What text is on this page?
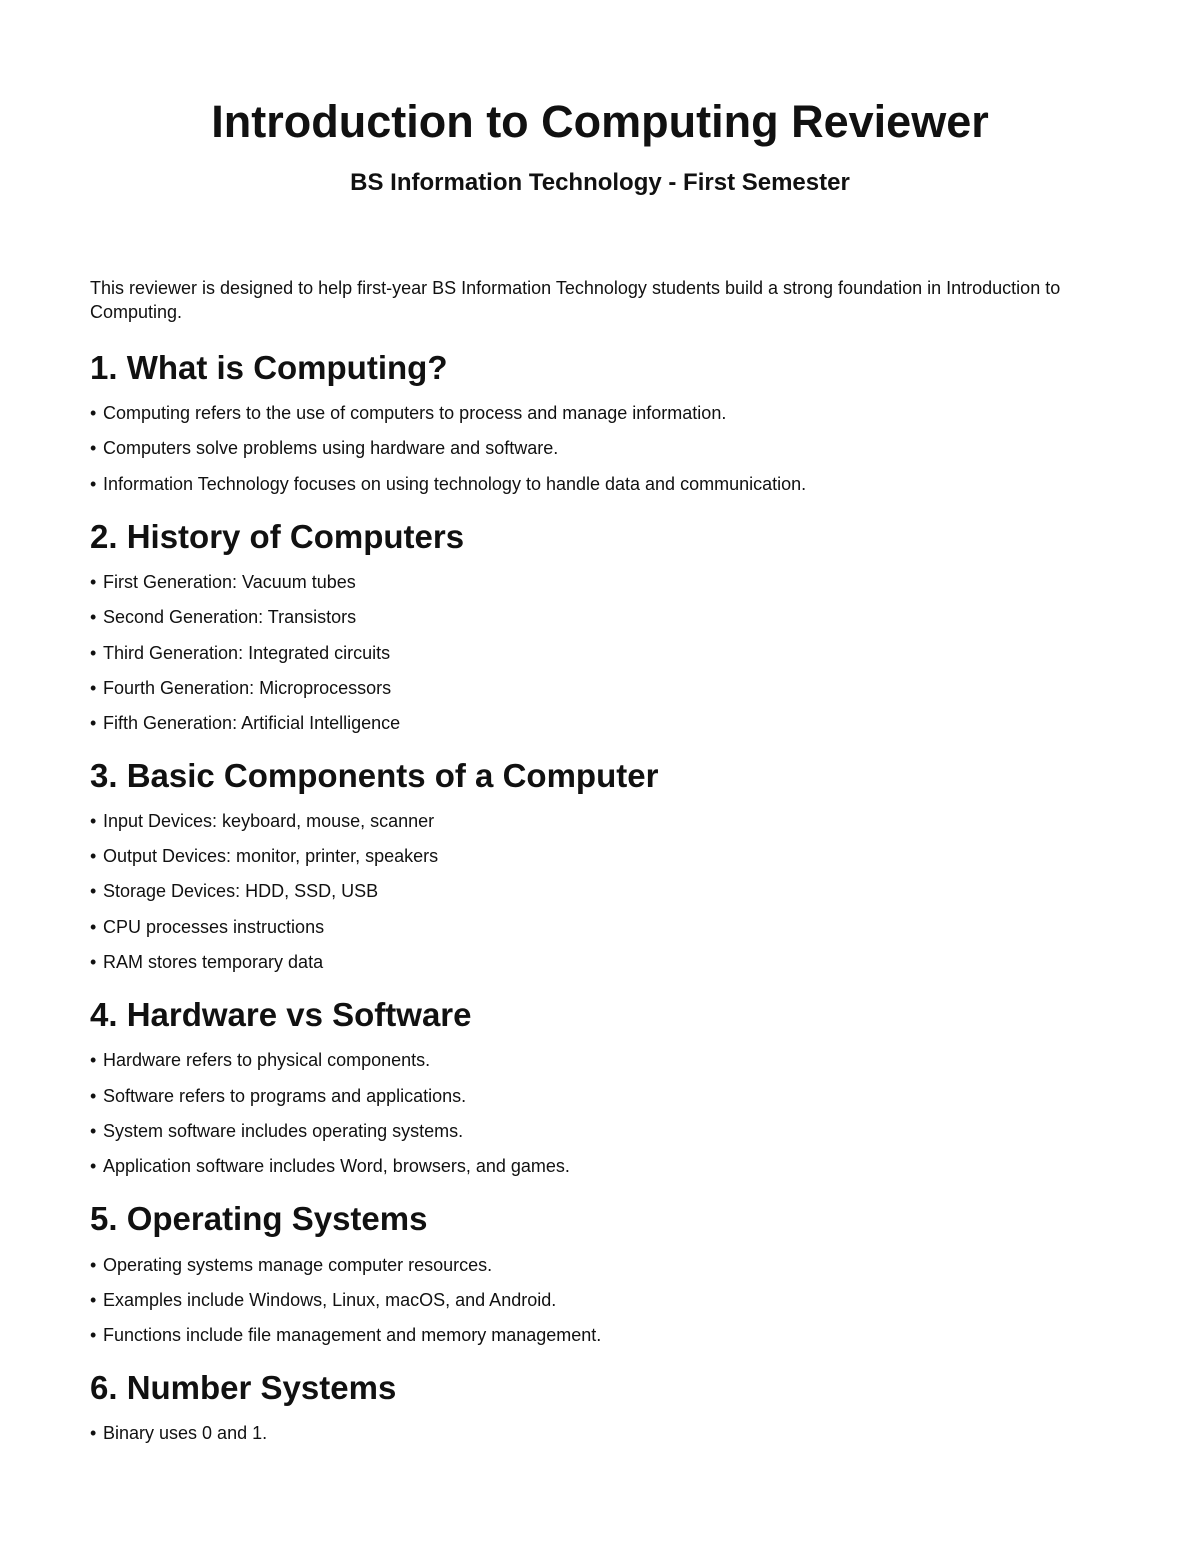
Introduction to Computing Reviewer
BS Information Technology - First Semester

This reviewer is designed to help first-year BS Information Technology students build a strong foundation in Introduction to Computing.

1. What is Computing?

• Computing refers to the use of computers to process and manage information.

• Computers solve problems using hardware and software.

• Information Technology focuses on using technology to handle data and communication.

2. History of Computers

• First Generation: Vacuum tubes

• Second Generation: Transistors

• Third Generation: Integrated circuits

• Fourth Generation: Microprocessors

• Fifth Generation: Artificial Intelligence

3. Basic Components of a Computer

• Input Devices: keyboard, mouse, scanner

• Output Devices: monitor, printer, speakers

• Storage Devices: HDD, SSD, USB

• CPU processes instructions

• RAM stores temporary data

4. Hardware vs Software

• Hardware refers to physical components.

• Software refers to programs and applications.

• System software includes operating systems.

• Application software includes Word, browsers, and games.

5. Operating Systems

• Operating systems manage computer resources.

• Examples include Windows, Linux, macOS, and Android.

• Functions include file management and memory management.

6. Number Systems

• Binary uses 0 and 1.
